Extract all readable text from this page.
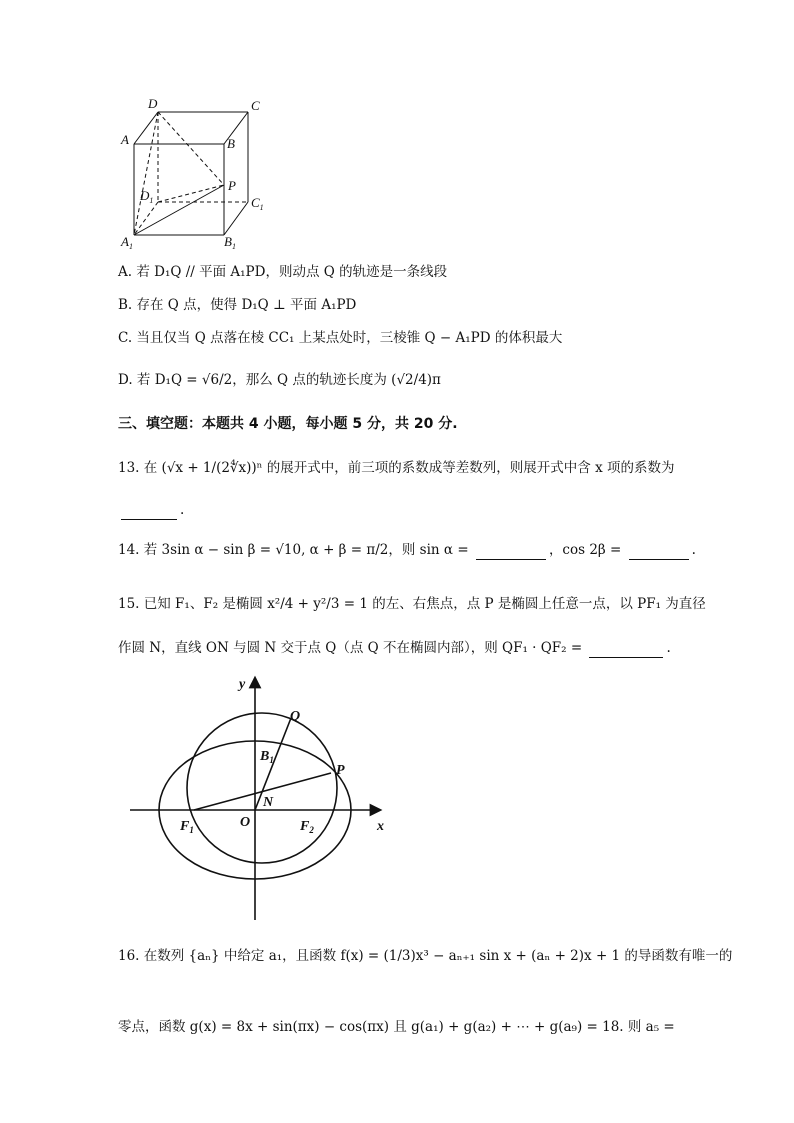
D	C
A	B
$D_1$
P
$C_1$
$A_1$	$B_1$
A. 若 D₁Q // 平面 A₁PD，则动点 Q 的轨迹是一条线段
B. 存在 Q 点，使得 D₁Q ⊥ 平面 A₁PD
C. 当且仅当 Q 点落在棱 CC₁ 上某点处时，三棱锥 Q − A₁PD 的体积最大
D. 若 D₁Q = √6/2，那么 Q 点的轨迹长度为 (√2/4)π
三、填空题：本题共 4 小题，每小题 5 分，共 20 分.
13. 在 (√x + 1/(2∜x))ⁿ 的展开式中，前三项的系数成等差数列，则展开式中含 x 项的系数为
.
14. 若 3sin α − sin β = √10, α + β = π/2，则 sin α =	，cos 2β =	.
15. 已知 F₁、F₂ 是椭圆 x²/4 + y²/3 = 1 的左、右焦点，点 P 是椭圆上任意一点，以 PF₁ 为直径
作圆 N，直线 ON 与圆 N 交于点 Q（点 Q 不在椭圆内部），则 QF₁ · QF₂ =	.
y
x
Q
$B_1$
P
N
$F_1$	O	$F_2$
16. 在数列 {aₙ} 中给定 a₁，且函数 f(x) = (1/3)x³ − aₙ₊₁ sin x + (aₙ + 2)x + 1 的导函数有唯一的
零点，函数 g(x) = 8x + sin(πx) − cos(πx) 且 g(a₁) + g(a₂) + ⋯ + g(a₉) = 18. 则 a₅ =
